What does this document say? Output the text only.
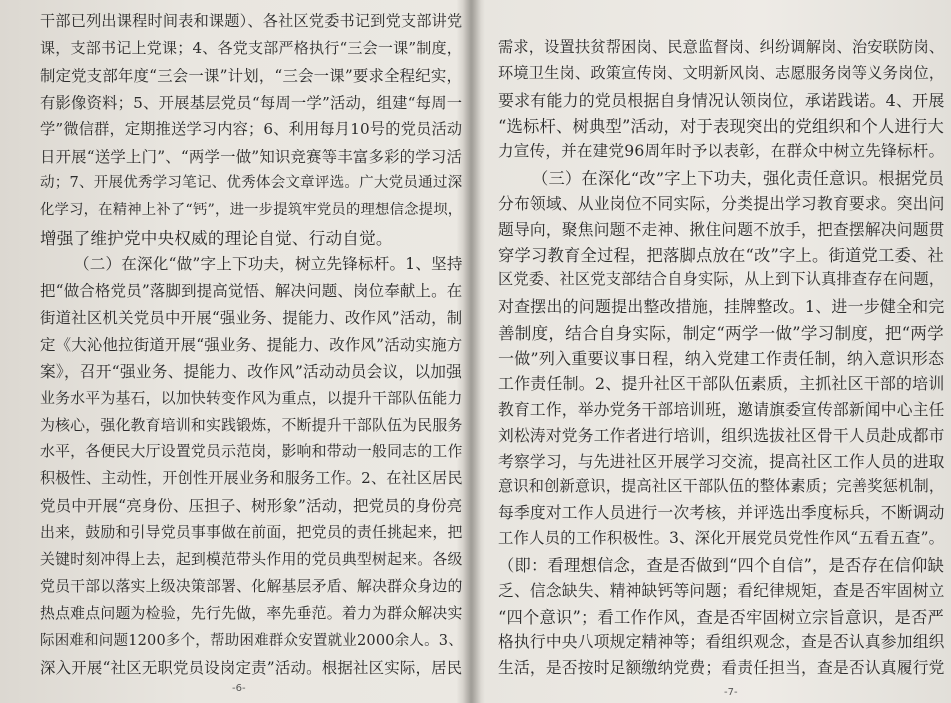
干部已列出课程时间表和课题）、各社区党委书记到党支部讲党
课，支部书记上党课；4、各党支部严格执行“三会一课”制度，
制定党支部年度“三会一课”计划，“三会一课”要求全程纪实，
有影像资料；5、开展基层党员“每周一学”活动，组建“每周一
学”微信群，定期推送学习内容；6、利用每月10号的党员活动
日开展“送学上门”、“两学一做”知识竞赛等丰富多彩的学习活
动；7、开展优秀学习笔记、优秀体会文章评选。广大党员通过深
化学习，在精神上补了“钙”，进一步提筑牢党员的理想信念提坝，
增强了维护党中央权威的理论自觉、行动自觉。
（二）在深化“做”字上下功夫，树立先锋标杆。1、坚持
把“做合格党员”落脚到提高觉悟、解决问题、岗位奉献上。在
街道社区机关党员中开展“强业务、提能力、改作风”活动，制
定《大沁他拉街道开展“强业务、提能力、改作风”活动实施方
案》，召开“强业务、提能力、改作风”活动动员会议，以加强
业务水平为基石，以加快转变作风为重点，以提升干部队伍能力
为核心，强化教育培训和实践锻炼，不断提升干部队伍为民服务
水平，各便民大厅设置党员示范岗，影响和带动一般同志的工作
积极性、主动性，开创性开展业务和服务工作。2、在社区居民
党员中开展“亮身份、压担子、树形象”活动，把党员的身份亮
出来，鼓励和引导党员事事做在前面，把党员的责任挑起来，把
关键时刻冲得上去，起到模范带头作用的党员典型树起来。各级
党员干部以落实上级决策部署、化解基层矛盾、解决群众身边的
热点难点问题为检验，先行先做，率先垂范。着力为群众解决实
际困难和问题1200多个，帮助困难群众安置就业2000余人。3、
深入开展“社区无职党员设岗定责”活动。根据社区实际，居民
-6-
需求，设置扶贫帮困岗、民意监督岗、纠纷调解岗、治安联防岗、
环境卫生岗、政策宣传岗、文明新风岗、志愿服务岗等义务岗位，
要求有能力的党员根据自身情况认领岗位，承诺践诺。4、开展
“选标杆、树典型”活动，对于表现突出的党组织和个人进行大
力宣传，并在建党96周年时予以表彰，在群众中树立先锋标杆。
（三）在深化“改”字上下功夫，强化责任意识。根据党员
分布领域、从业岗位不同实际，分类提出学习教育要求。突出问
题导向，聚焦问题不走神、揪住问题不放手，把查摆解决问题贯
穿学习教育全过程，把落脚点放在“改”字上。街道党工委、社
区党委、社区党支部结合自身实际，从上到下认真排查存在问题，
对查摆出的问题提出整改措施，挂牌整改。1、进一步健全和完
善制度，结合自身实际，制定“两学一做”学习制度，把“两学
一做”列入重要议事日程，纳入党建工作责任制，纳入意识形态
工作责任制。2、提升社区干部队伍素质，主抓社区干部的培训
教育工作，举办党务干部培训班，邀请旗委宣传部新闻中心主任
刘松涛对党务工作者进行培训，组织选拔社区骨干人员赴成都市
考察学习，与先进社区开展学习交流，提高社区工作人员的进取
意识和创新意识，提高社区干部队伍的整体素质；完善奖惩机制，
每季度对工作人员进行一次考核，并评选出季度标兵，不断调动
工作人员的工作积极性。3、深化开展党员党性作风“五看五查”。
（即：看理想信念，查是否做到“四个自信”，是否存在信仰缺
乏、信念缺失、精神缺钙等问题；看纪律规矩，查是否牢固树立
“四个意识”；看工作作风，查是否牢固树立宗旨意识，是否严
格执行中央八项规定精神等；看组织观念，查是否认真参加组织
生活，是否按时足额缴纳党费；看责任担当，查是否认真履行党
-7-
